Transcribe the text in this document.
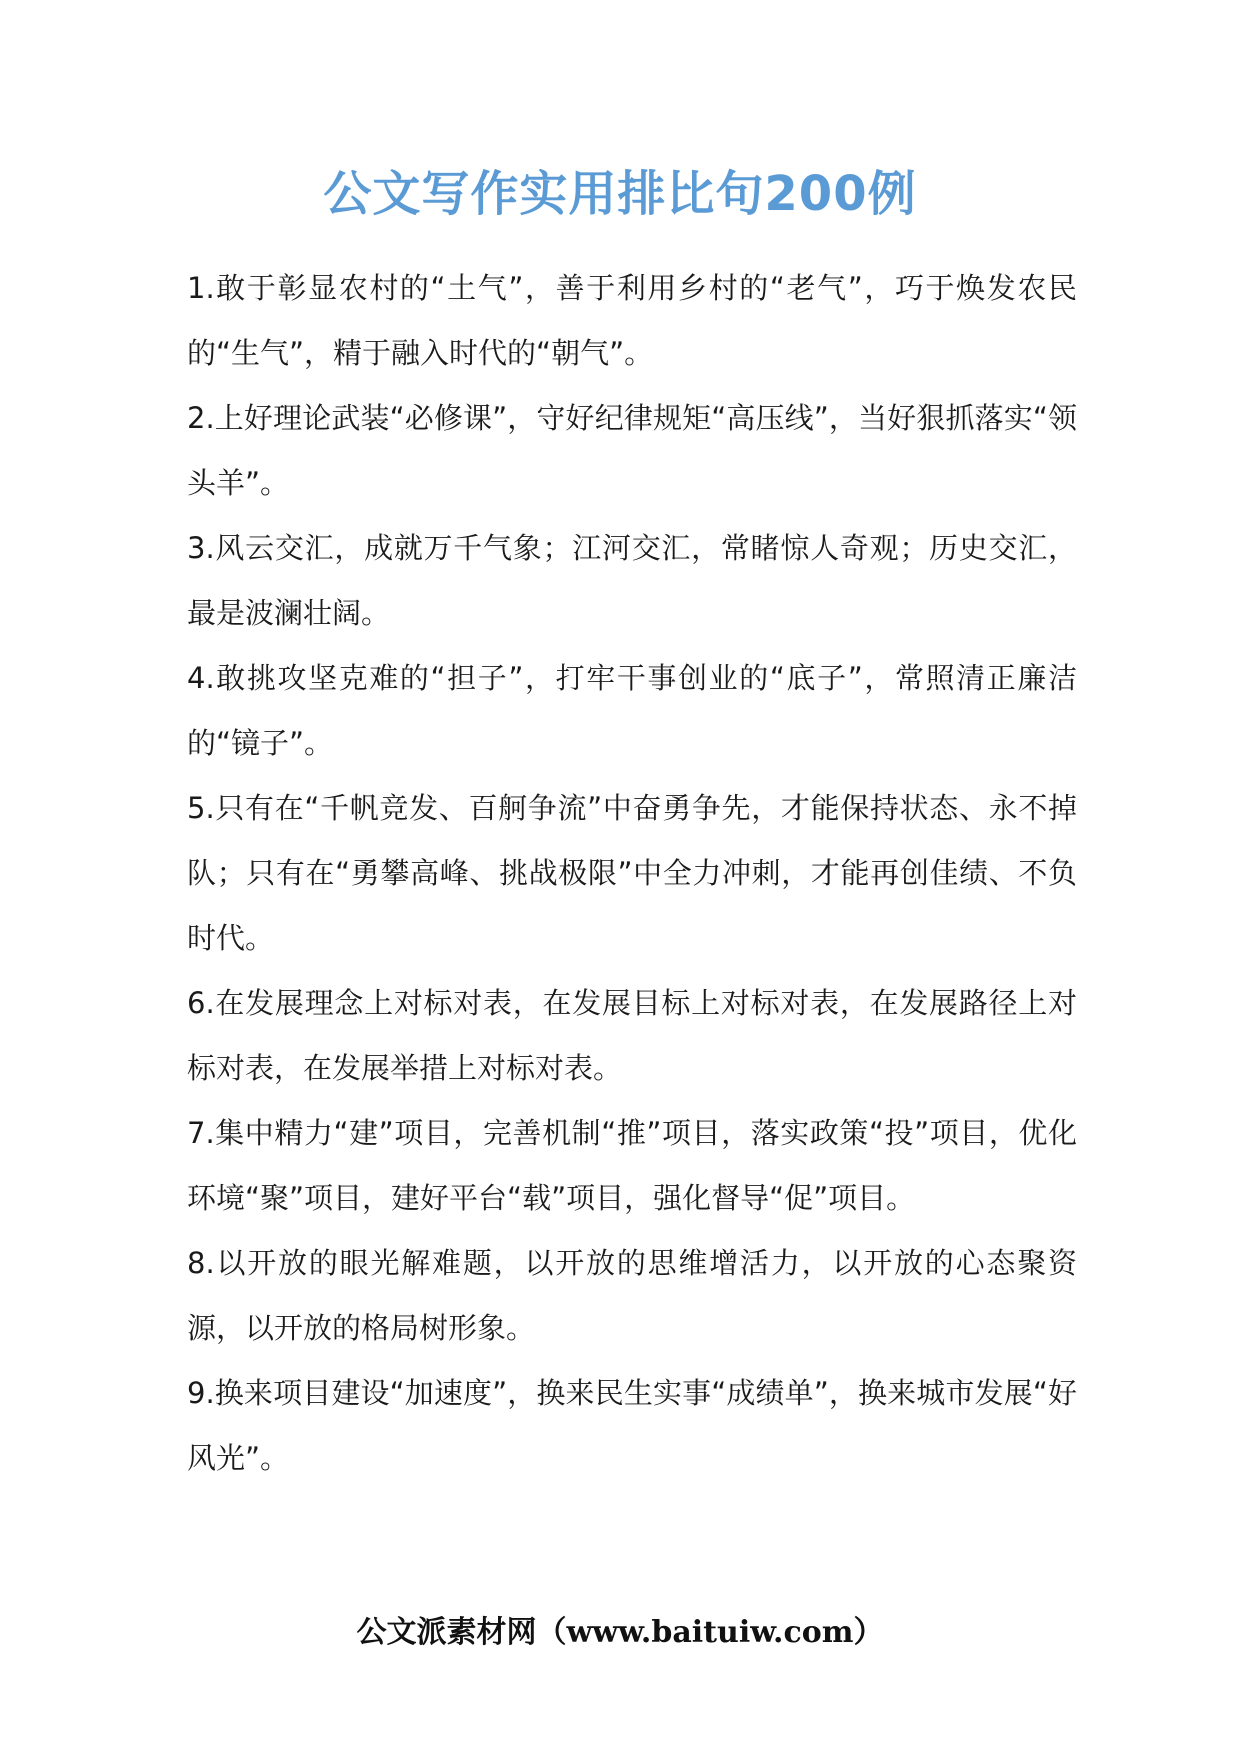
公文写作实用排比句200例

1.敢于彰显农村的“土气”，善于利用乡村的“老气”，巧于焕发农民的“生气”，精于融入时代的“朝气”。

2.上好理论武装“必修课”，守好纪律规矩“高压线”，当好狠抓落实“领头羊”。

3.风云交汇，成就万千气象；江河交汇，常睹惊人奇观；历史交汇，最是波澜壮阔。

4.敢挑攻坚克难的“担子”，打牢干事创业的“底子”，常照清正廉洁的“镜子”。

5.只有在“千帆竞发、百舸争流”中奋勇争先，才能保持状态、永不掉队；只有在“勇攀高峰、挑战极限”中全力冲刺，才能再创佳绩、不负时代。

6.在发展理念上对标对表，在发展目标上对标对表，在发展路径上对标对表，在发展举措上对标对表。

7.集中精力“建”项目，完善机制“推”项目，落实政策“投”项目，优化环境“聚”项目，建好平台“载”项目，强化督导“促”项目。

8.以开放的眼光解难题，以开放的思维增活力，以开放的心态聚资源，以开放的格局树形象。

9.换来项目建设“加速度”，换来民生实事“成绩单”，换来城市发展“好风光”。

公文派素材网（www.baituiw.com）
